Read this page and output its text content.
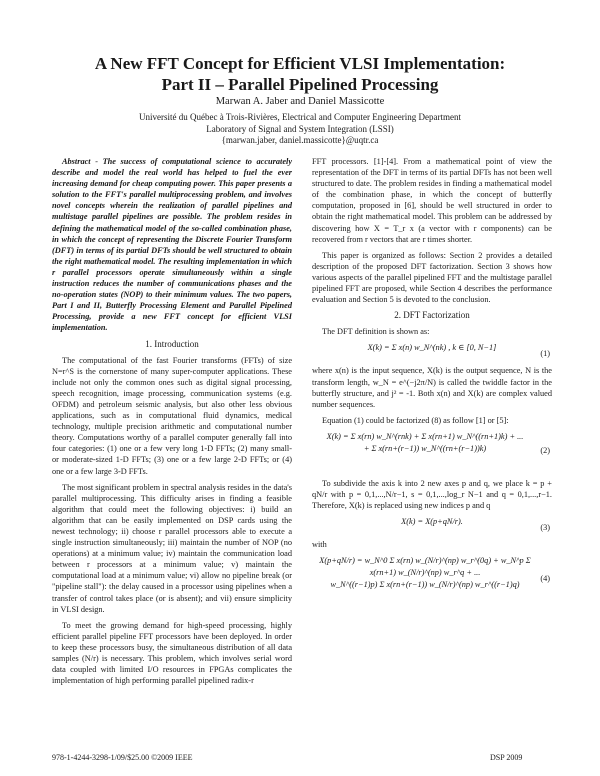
A New FFT Concept for Efficient VLSI Implementation:
Part II – Parallel Pipelined Processing
Marwan A. Jaber and Daniel Massicotte
Université du Québec à Trois-Rivières, Electrical and Computer Engineering Department
Laboratory of Signal and System Integration (LSSI)
{marwan.jaber, daniel.massicotte}@uqtr.ca

Abstract - The success of computational science to accurately describe and model the real world has helped to fuel the ever increasing demand for cheap computing power. This paper presents a solution to the FFT's parallel multiprocessing problem, and involves novel concepts wherein the realization of parallel pipelines and multistage parallel pipelines are possible. The problem resides in defining the mathematical model of the so-called combination phase, in which the concept of representing the Discrete Fourier Transform (DFT) in terms of its partial DFTs should be well structured to obtain the right mathematical model. The resulting implementation in which r parallel processors operate simultaneously within a single instruction reduces the number of communications phases and the no-operation states (NOP) to their minimum values. The two papers, Part I and II, Butterfly Processing Element and Parallel Pipelined Processing, provide a new FFT concept for efficient VLSI implementation.

1. Introduction

The computational of the fast Fourier transforms (FFTs) of size N=r^S is the cornerstone of many super-computer applications. These include not only the common ones such as digital signal processing, speech recognition, image processing, communication systems (e.g. OFDM) and petroleum seismic analysis, but also other less obvious applications, such as in computational fluid dynamics, medical technology, multiple precision arithmetic and computational number theory. Computations worthy of a parallel computer generally fall into four categories: (1) one or a few very long 1-D FFTs; (2) many small- or moderate-sized 1-D FFTs; (3) one or a few large 2-D FFTs; or (4) one or a few large 3-D FFTs.

The most significant problem in spectral analysis resides in the data's parallel multiprocessing. This difficulty arises in finding a feasible algorithm that could meet the following objectives: i) build an algorithm that can be easily implemented on DSP cards using the newest technology; ii) choose r parallel processors able to execute a single instruction simultaneously; iii) maintain the number of NOP (no operations) at a minimum value; iv) maintain the communication load between r processors at a minimum value; v) maintain the computational load at a minimum value; vi) allow no pipeline break (or "pipeline stall"): the delay caused in a processor using pipelines when a transfer of control takes place (or is absent); and vii) ensure simplicity in VLSI design.

To meet the growing demand for high-speed processing, highly efficient parallel pipeline FFT processors have been deployed. In order to keep these processors busy, the simultaneous distribution of all data samples (N/r) is necessary. This problem, which involves serial word data coupled with limited I/O resources in FPGAs complicates the implementation of high performing parallel pipelined radix-r

FFT processors. [1]-[4]. From a mathematical point of view the representation of the DFT in terms of its partial DFTs has not been well structured to date. The problem resides in finding a mathematical model of the combination phase, in which the concept of butterfly computation, proposed in [6], should be well structured in order to obtain the right mathematical model. This problem can be addressed by discovering how X = T_r x (a vector with r components) can be recovered from r vectors that are r times shorter.

This paper is organized as follows: Section 2 provides a detailed description of the proposed DFT factorization. Section 3 shows how various aspects of the parallel pipelined FFT and the multistage parallel pipelined FFT are proposed, while Section 4 describes the performance evaluation and Section 5 is devoted to the conclusion.

2. DFT Factorization

The DFT definition is shown as:

X(k) = Σ x(n) w_N^(nk) , k ∈ [0, N−1]
(1)

where x(n) is the input sequence, X(k) is the output sequence, N is the transform length, w_N = e^(−j2π/N) is called the twiddle factor in the butterfly structure, and j² = -1. Both x(n) and X(k) are complex valued number sequences.

Equation (1) could be factorized (8) as follow [1] or [5]:

X(k) = Σ x(rn) w_N^(rnk) + Σ x(rn+1) w_N^((rn+1)k) + ...
+ Σ x(rn+(r−1)) w_N^((rn+(r−1))k)	(2)

To subdivide the axis k into 2 new axes p and q, we place k = p + qN/r with p = 0,1,...,N/r−1, s = 0,1,...,log_r N−1 and q = 0,1,...,r−1. Therefore, X(k) is replaced using new indices p and q

X(k) = X(p+qN/r).
(3)

with

X(p+qN/r) = w_N^0 Σ x(rn) w_(N/r)^(np) w_r^(0q) + w_N^p Σ x(rn+1) w_(N/r)^(np) w_r^q + ...
w_N^((r−1)p) Σ x(rn+(r−1)) w_(N/r)^(np) w_r^((r−1)q)
(4)
978-1-4244-3298-1/09/$25.00 ©2009 IEEE	DSP 2009
